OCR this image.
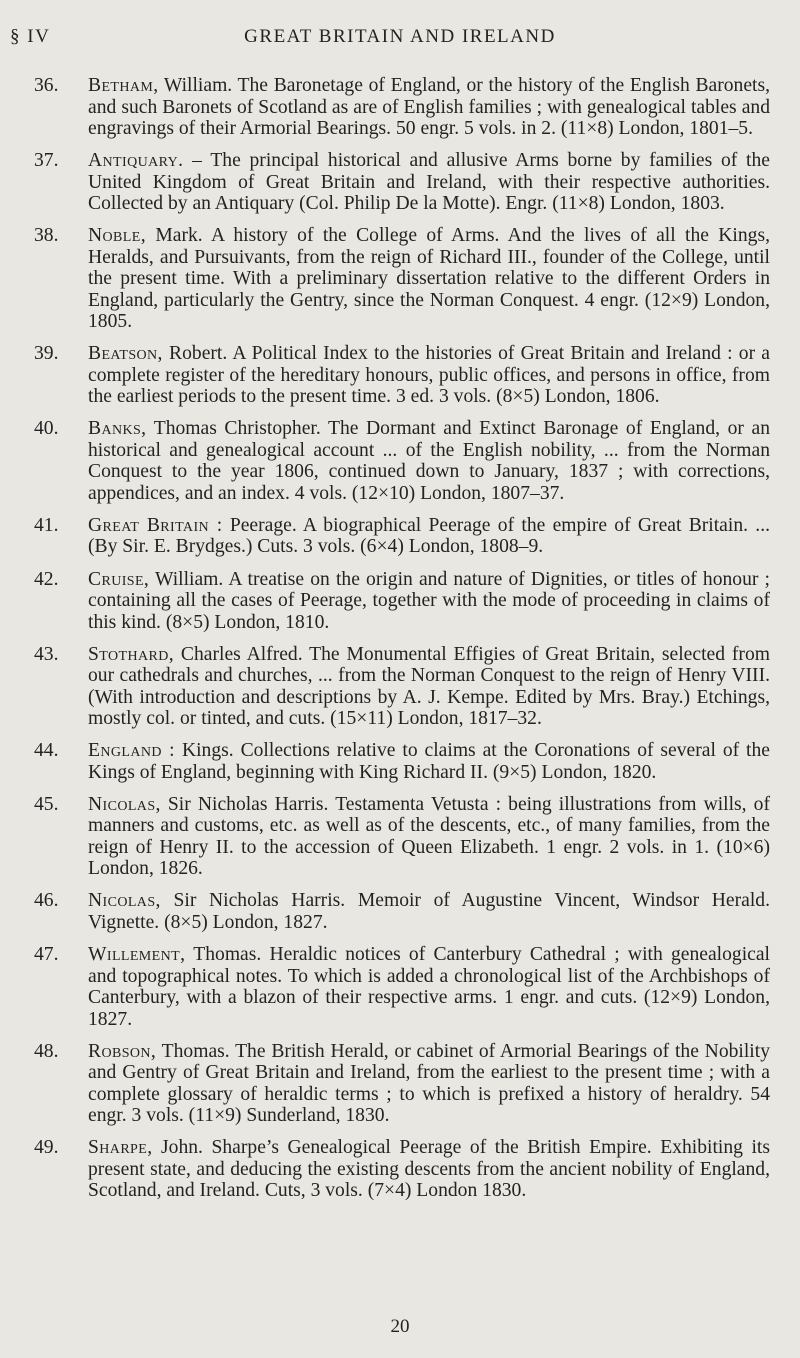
§ IV	GREAT BRITAIN AND IRELAND
36. Betham, William. The Baronetage of England, or the history of the English Baronets, and such Baronets of Scotland as are of English families ; with genealogical tables and engravings of their Armorial Bearings. 50 engr. 5 vols. in 2. (11×8) London, 1801–5.
37. Antiquary. – The principal historical and allusive Arms borne by families of the United Kingdom of Great Britain and Ireland, with their respective authorities. Collected by an Antiquary (Col. Philip De la Motte). Engr. (11×8) London, 1803.
38. Noble, Mark. A history of the College of Arms. And the lives of all the Kings, Heralds, and Pursuivants, from the reign of Richard III., founder of the College, until the present time. With a preliminary dissertation relative to the different Orders in England, particularly the Gentry, since the Norman Conquest. 4 engr. (12×9) London, 1805.
39. Beatson, Robert. A Political Index to the histories of Great Britain and Ireland : or a complete register of the hereditary honours, public offices, and persons in office, from the earliest periods to the present time. 3 ed. 3 vols. (8×5) London, 1806.
40. Banks, Thomas Christopher. The Dormant and Extinct Baronage of England, or an historical and genealogical account ... of the English nobility, ... from the Norman Conquest to the year 1806, continued down to January, 1837 ; with corrections, appendices, and an index. 4 vols. (12×10) London, 1807–37.
41. Great Britain : Peerage. A biographical Peerage of the empire of Great Britain. ... (By Sir. E. Brydges.) Cuts. 3 vols. (6×4) London, 1808–9.
42. Cruise, William. A treatise on the origin and nature of Dignities, or titles of honour ; containing all the cases of Peerage, together with the mode of proceeding in claims of this kind. (8×5) London, 1810.
43. Stothard, Charles Alfred. The Monumental Effigies of Great Britain, selected from our cathedrals and churches, ... from the Norman Conquest to the reign of Henry VIII. (With introduction and descriptions by A. J. Kempe. Edited by Mrs. Bray.) Etchings, mostly col. or tinted, and cuts. (15×11) London, 1817–32.
44. England : Kings. Collections relative to claims at the Coronations of several of the Kings of England, beginning with King Richard II. (9×5) London, 1820.
45. Nicolas, Sir Nicholas Harris. Testamenta Vetusta : being illustrations from wills, of manners and customs, etc. as well as of the descents, etc., of many families, from the reign of Henry II. to the accession of Queen Elizabeth. 1 engr. 2 vols. in 1. (10×6) London, 1826.
46. Nicolas, Sir Nicholas Harris. Memoir of Augustine Vincent, Windsor Herald. Vignette. (8×5) London, 1827.
47. Willement, Thomas. Heraldic notices of Canterbury Cathedral ; with genealogical and topographical notes. To which is added a chronological list of the Archbishops of Canterbury, with a blazon of their respective arms. 1 engr. and cuts. (12×9) London, 1827.
48. Robson, Thomas. The British Herald, or cabinet of Armorial Bearings of the Nobility and Gentry of Great Britain and Ireland, from the earliest to the present time ; with a complete glossary of heraldic terms ; to which is prefixed a history of heraldry. 54 engr. 3 vols. (11×9) Sunderland, 1830.
49. Sharpe, John. Sharpe’s Genealogical Peerage of the British Empire. Exhibiting its present state, and deducing the existing descents from the ancient nobility of England, Scotland, and Ireland. Cuts, 3 vols. (7×4) London 1830.
20
